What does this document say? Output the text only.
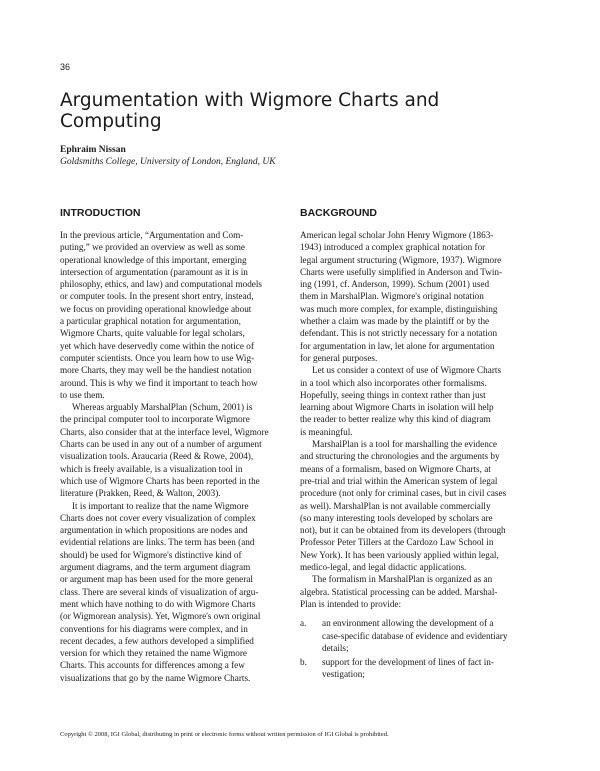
36
Argumentation with Wigmore Charts and Computing
Ephraim Nissan
Goldsmiths College, University of London, England, UK
INTRODUCTION
In the previous article, “Argumentation and Com-
puting,” we provided an overview as well as some
operational knowledge of this important, emerging
intersection of argumentation (paramount as it is in
philosophy, ethics, and law) and computational models
or computer tools. In the present short entry, instead,
we focus on providing operational knowledge about
a particular graphical notation for argumentation,
Wigmore Charts, quite valuable for legal scholars,
yet which have deservedly come within the notice of
computer scientists. Once you learn how to use Wig-
more Charts, they may well be the handiest notation
around. This is why we find it important to teach how
to use them.
Whereas arguably MarshalPlan (Schum, 2001) is
the principal computer tool to incorporate Wigmore
Charts, also consider that at the interface level, Wigmore
Charts can be used in any out of a number of argument
visualization tools. Araucaria (Reed & Rowe, 2004),
which is freely available, is a visualization tool in
which use of Wigmore Charts has been reported in the
literature (Prakken, Reed, & Walton, 2003).
It is important to realize that the name Wigmore
Charts does not cover every visualization of complex
argumentation in which propositions are nodes and
evidential relations are links. The term has been (and
should) be used for Wigmore's distinctive kind of
argument diagrams, and the term argument diagram
or argument map has been used for the more general
class. There are several kinds of visualization of argu-
ment which have nothing to do with Wigmore Charts
(or Wigmorean analysis). Yet, Wigmore's own original
conventions for his diagrams were complex, and in
recent decades, a few authors developed a simplified
version for which they retained the name Wigmore
Charts. This accounts for differences among a few
visualizations that go by the name Wigmore Charts.
BACKGROUND
American legal scholar John Henry Wigmore (1863-
1943) introduced a complex graphical notation for
legal argument structuring (Wigmore, 1937). Wigmore
Charts were usefully simplified in Anderson and Twin-
ing (1991, cf. Anderson, 1999). Schum (2001) used
them in MarshalPlan. Wigmore's original notation
was much more complex, for example, distinguishing
whether a claim was made by the plaintiff or by the
defendant. This is not strictly necessary for a notation
for argumentation in law, let alone for argumentation
for general purposes.
Let us consider a context of use of Wigmore Charts
in a tool which also incorporates other formalisms.
Hopefully, seeing things in context rather than just
learning about Wigmore Charts in isolation will help
the reader to better realize why this kind of diagram
is meaningful.
MarshalPlan is a tool for marshalling the evidence
and structuring the chronologies and the arguments by
means of a formalism, based on Wigmore Charts, at
pre-trial and trial within the American system of legal
procedure (not only for criminal cases, but in civil cases
as well). MarshalPlan is not available commercially
(so many interesting tools developed by scholars are
not), but it can be obtained from its developers (through
Professor Peter Tillers at the Cardozo Law School in
New York). It has been variously applied within legal,
medico-legal, and legal didactic applications.
The formalism in MarshalPlan is organized as an
algebra. Statistical processing can be added. Marshal-
Plan is intended to provide:
a.	an environment allowing the development of a
case-specific database of evidence and evidentiary
details;
b.	support for the development of lines of fact in-
vestigation;
Copyright © 2008, IGI Global, distributing in print or electronic forms without written permission of IGI Global is prohibited.
